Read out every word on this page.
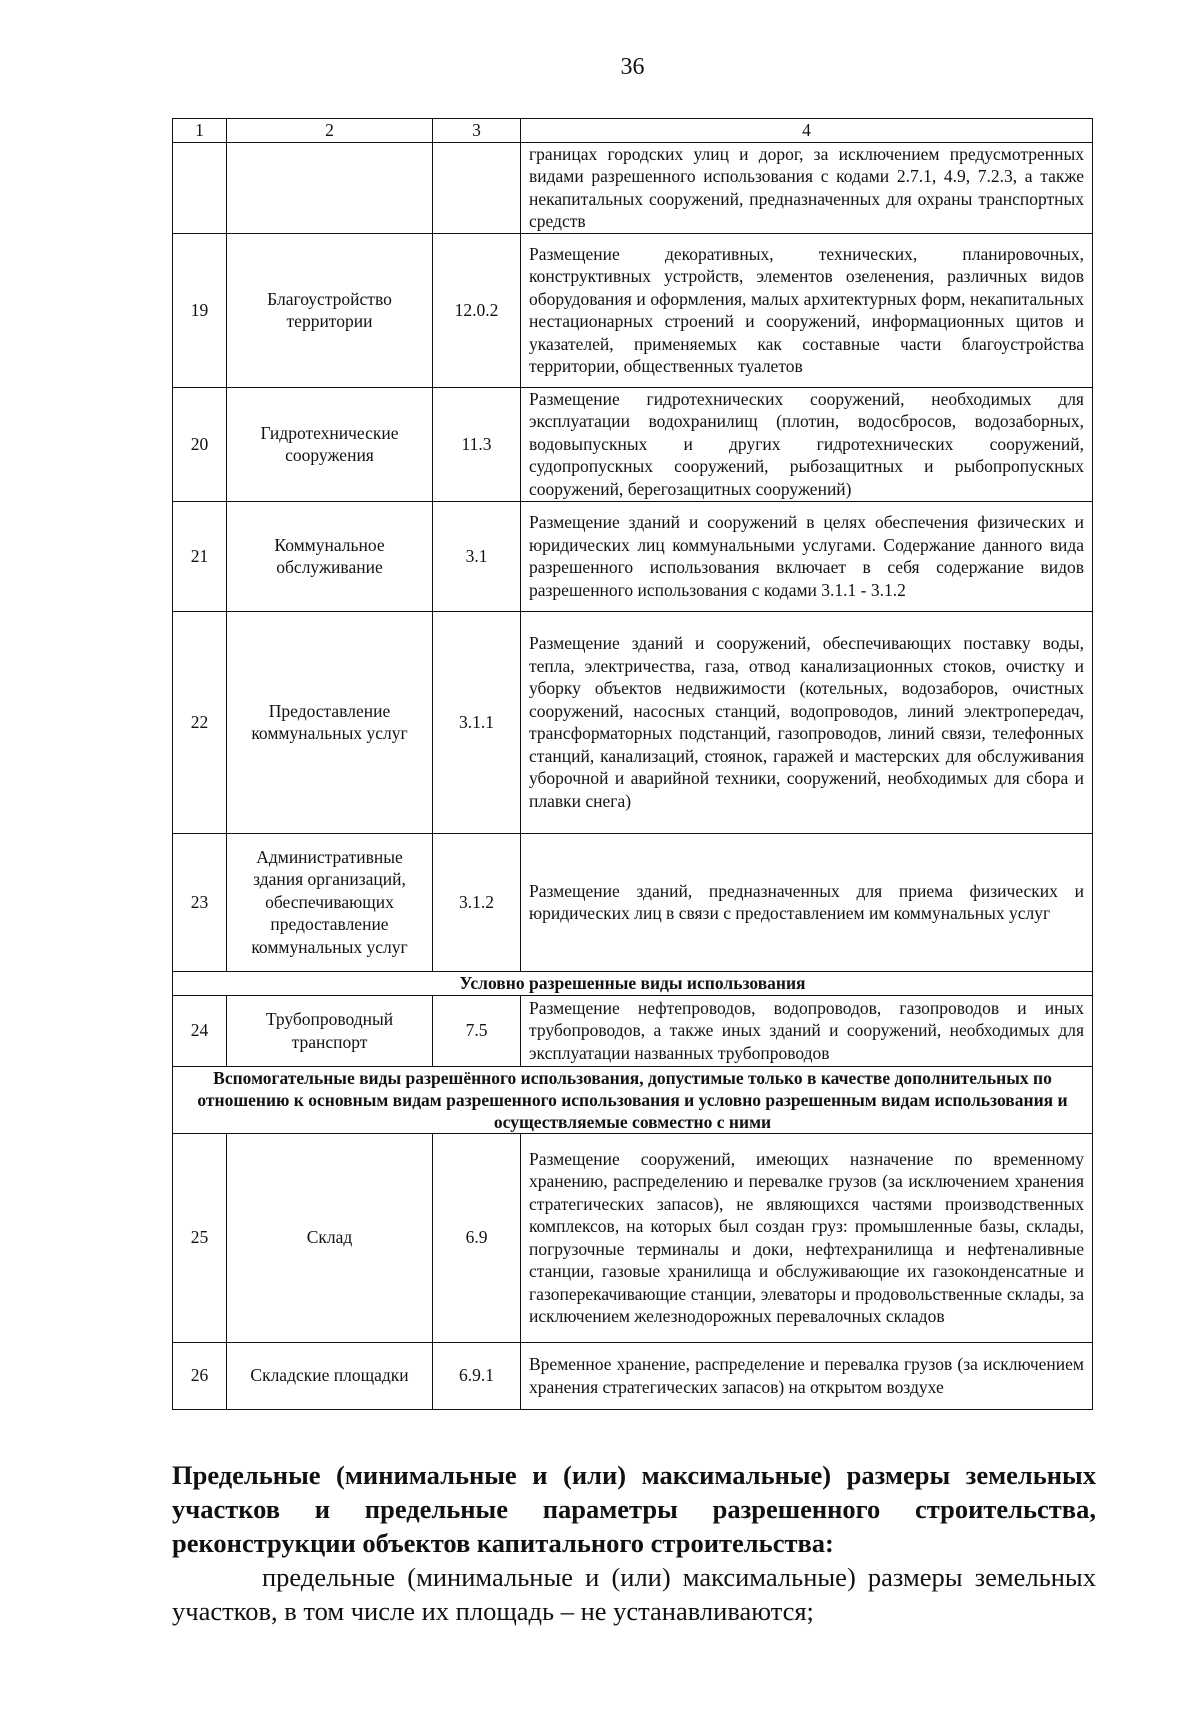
36
1	2	3	4
			границах городских улиц и дорог, за исключением предусмотренных видами разрешенного использования с кодами 2.7.1, 4.9, 7.2.3, а также некапитальных сооружений, предназначенных для охраны транспортных средств
19	Благоустройство территории	12.0.2	Размещение декоративных, технических, планировочных, конструктивных устройств, элементов озеленения, различных видов оборудования и оформления, малых архитектурных форм, некапитальных нестационарных строений и сооружений, информационных щитов и указателей, применяемых как составные части благоустройства территории, общественных туалетов
20	Гидротехнические сооружения	11.3	Размещение гидротехнических сооружений, необходимых для эксплуатации водохранилищ (плотин, водосбросов, водозаборных, водовыпускных и других гидротехнических сооружений, судопропускных сооружений, рыбозащитных и рыбопропускных сооружений, берегозащитных сооружений)
21	Коммунальное обслуживание	3.1	Размещение зданий и сооружений в целях обеспечения физических и юридических лиц коммунальными услугами. Содержание данного вида разрешенного использования включает в себя содержание видов разрешенного использования с кодами 3.1.1 - 3.1.2
22	Предоставление коммунальных услуг	3.1.1	Размещение зданий и сооружений, обеспечивающих поставку воды, тепла, электричества, газа, отвод канализационных стоков, очистку и уборку объектов недвижимости (котельных, водозаборов, очистных сооружений, насосных станций, водопроводов, линий электропередач, трансформаторных подстанций, газопроводов, линий связи, телефонных станций, канализаций, стоянок, гаражей и мастерских для обслуживания уборочной и аварийной техники, сооружений, необходимых для сбора и плавки снега)
23	Административные здания организаций, обеспечивающих предоставление коммунальных услуг	3.1.2	Размещение зданий, предназначенных для приема физических и юридических лиц в связи с предоставлением им коммунальных услуг
Условно разрешенные виды использования			
24	Трубопроводный транспорт	7.5	Размещение нефтепроводов, водопроводов, газопроводов и иных трубопроводов, а также иных зданий и сооружений, необходимых для эксплуатации названных трубопроводов
Вспомогательные виды разрешённого использования, допустимые только в качестве дополнительных по отношению к основным видам разрешенного использования и условно разрешенным видам использования и осуществляемые совместно с ними			
25	Склад	6.9	Размещение сооружений, имеющих назначение по временному хранению, распределению и перевалке грузов (за исключением хранения стратегических запасов), не являющихся частями производственных комплексов, на которых был создан груз: промышленные базы, склады, погрузочные терминалы и доки, нефтехранилища и нефтеналивные станции, газовые хранилища и обслуживающие их газоконденсатные и газоперекачивающие станции, элеваторы и продовольственные склады, за исключением железнодорожных перевалочных складов
26	Складские площадки	6.9.1	Временное хранение, распределение и перевалка грузов (за исключением хранения стратегических запасов) на открытом воздухе
Предельные (минимальные и (или) максимальные) размеры земельных участков и предельные параметры разрешенного строительства, реконструкции объектов капитального строительства:
предельные (минимальные и (или) максимальные) размеры земельных участков, в том числе их площадь – не устанавливаются;
